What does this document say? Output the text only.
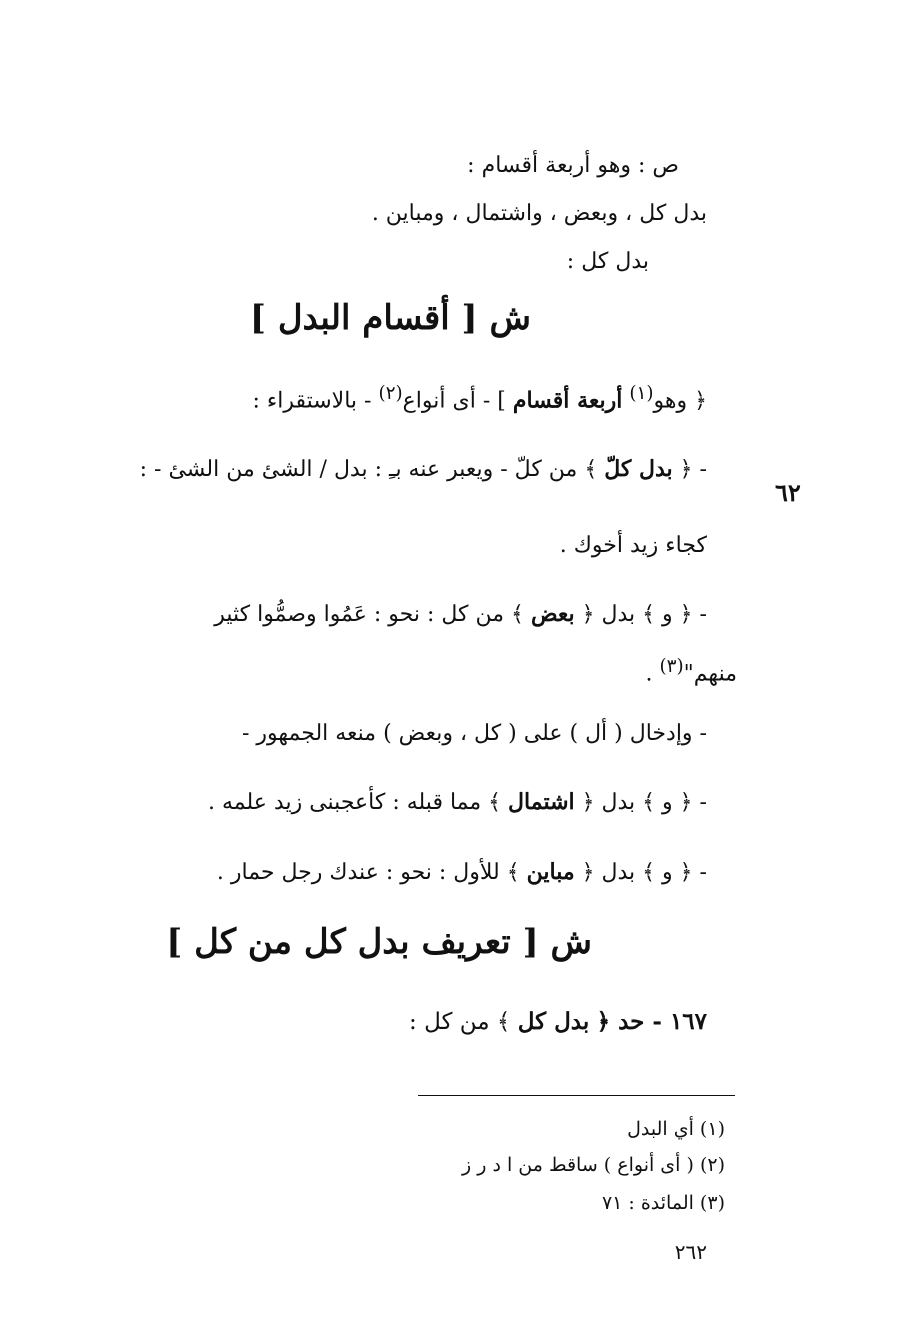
ص : وهو أربعة أقسام :
بدل كل ، وبعض ، واشتمال ، ومباين .
بدل كل :
ش [ أقسام البدل ]
﴿ وهو$^{(١)}$ أربعة أقسام ] - أى أنواع$^{(٢)}$ - بالاستقراء :
- ﴿ بدل كلّ ﴾ من كلّ - ويعبر عنه بـِ : بدل / الشئ من الشئ - :
٦٢
كجاء زيد أخوك .
- ﴿ و ﴾ بدل ﴿ بعض ﴾ من كل : نحو : عَمُوا وصمُّوا كثير
منهم"$^{(٣)}$ .
- وإدخال ( أل ) على ( كل ، وبعض ) منعه الجمهور -
- ﴿ و ﴾ بدل ﴿ اشتمال ﴾ مما قبله : كأعجبنى زيد علمه .
- ﴿ و ﴾ بدل ﴿ مباين ﴾ للأول : نحو : عندك رجل حمار .
ش [ تعريف بدل كل من كل ]
١٦٧ - حد ﴿ بدل كل ﴾ من كل :
(١) أي البدل
(٢) ( أى أنواع ) ساقط من ا د ر ز
(٣) المائدة : ٧١
٢٦٢
